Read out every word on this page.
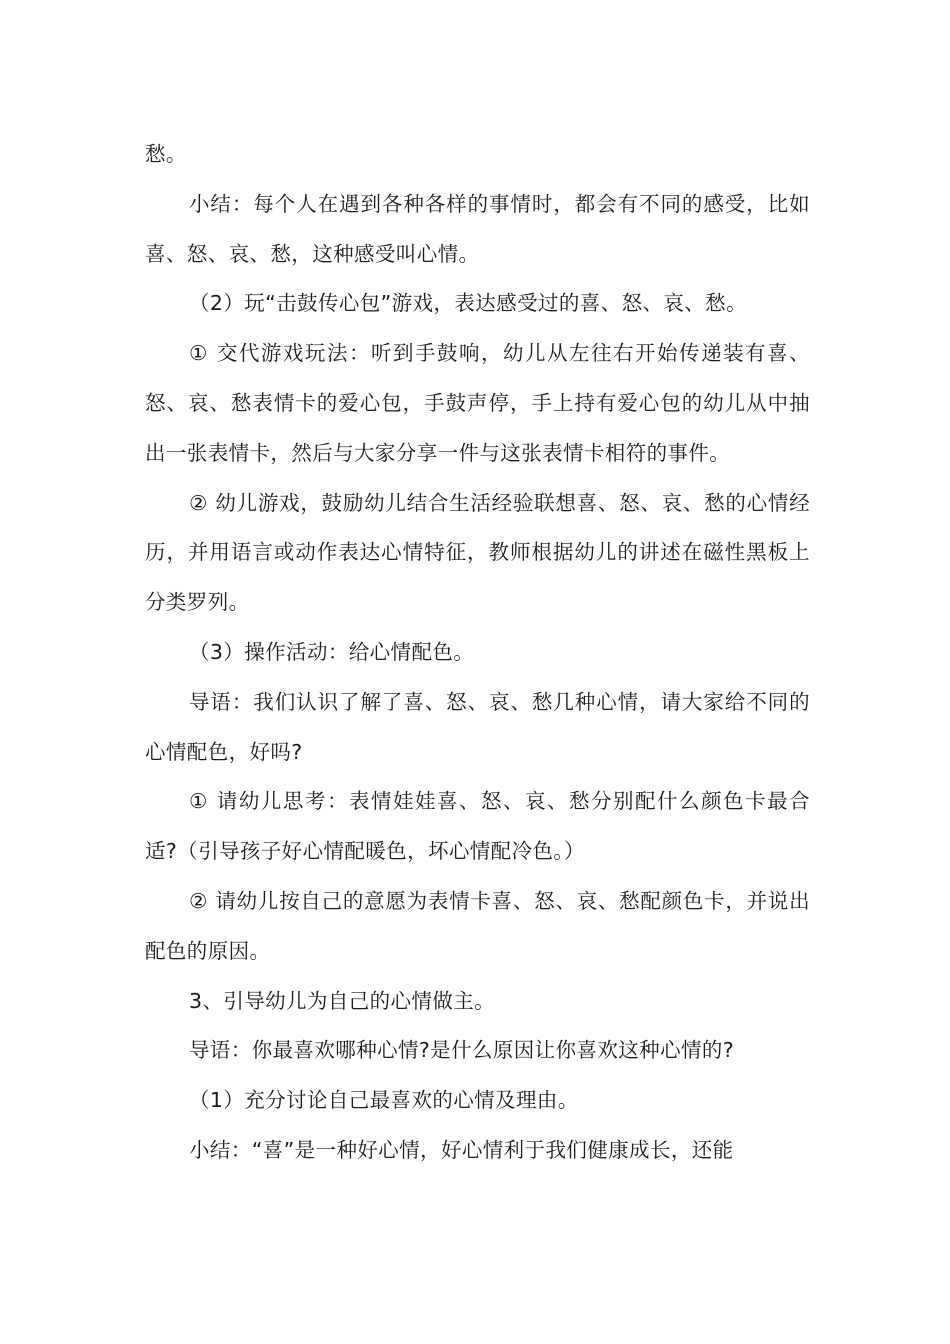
愁。

小结：每个人在遇到各种各样的事情时，都会有不同的感受，比如喜、怒、哀、愁，这种感受叫心情。

（2）玩“击鼓传心包”游戏，表达感受过的喜、怒、哀、愁。

① 交代游戏玩法：听到手鼓响，幼儿从左往右开始传递装有喜、怒、哀、愁表情卡的爱心包，手鼓声停，手上持有爱心包的幼儿从中抽出一张表情卡，然后与大家分享一件与这张表情卡相符的事件。

② 幼儿游戏，鼓励幼儿结合生活经验联想喜、怒、哀、愁的心情经历，并用语言或动作表达心情特征，教师根据幼儿的讲述在磁性黑板上分类罗列。

（3）操作活动：给心情配色。

导语：我们认识了解了喜、怒、哀、愁几种心情，请大家给不同的心情配色，好吗?

① 请幼儿思考：表情娃娃喜、怒、哀、愁分别配什么颜色卡最合适?（引导孩子好心情配暖色，坏心情配冷色。）

② 请幼儿按自己的意愿为表情卡喜、怒、哀、愁配颜色卡，并说出配色的原因。

3、引导幼儿为自己的心情做主。

导语：你最喜欢哪种心情?是什么原因让你喜欢这种心情的?

（1）充分讨论自己最喜欢的心情及理由。

小结：“喜”是一种好心情，好心情利于我们健康成长，还能
